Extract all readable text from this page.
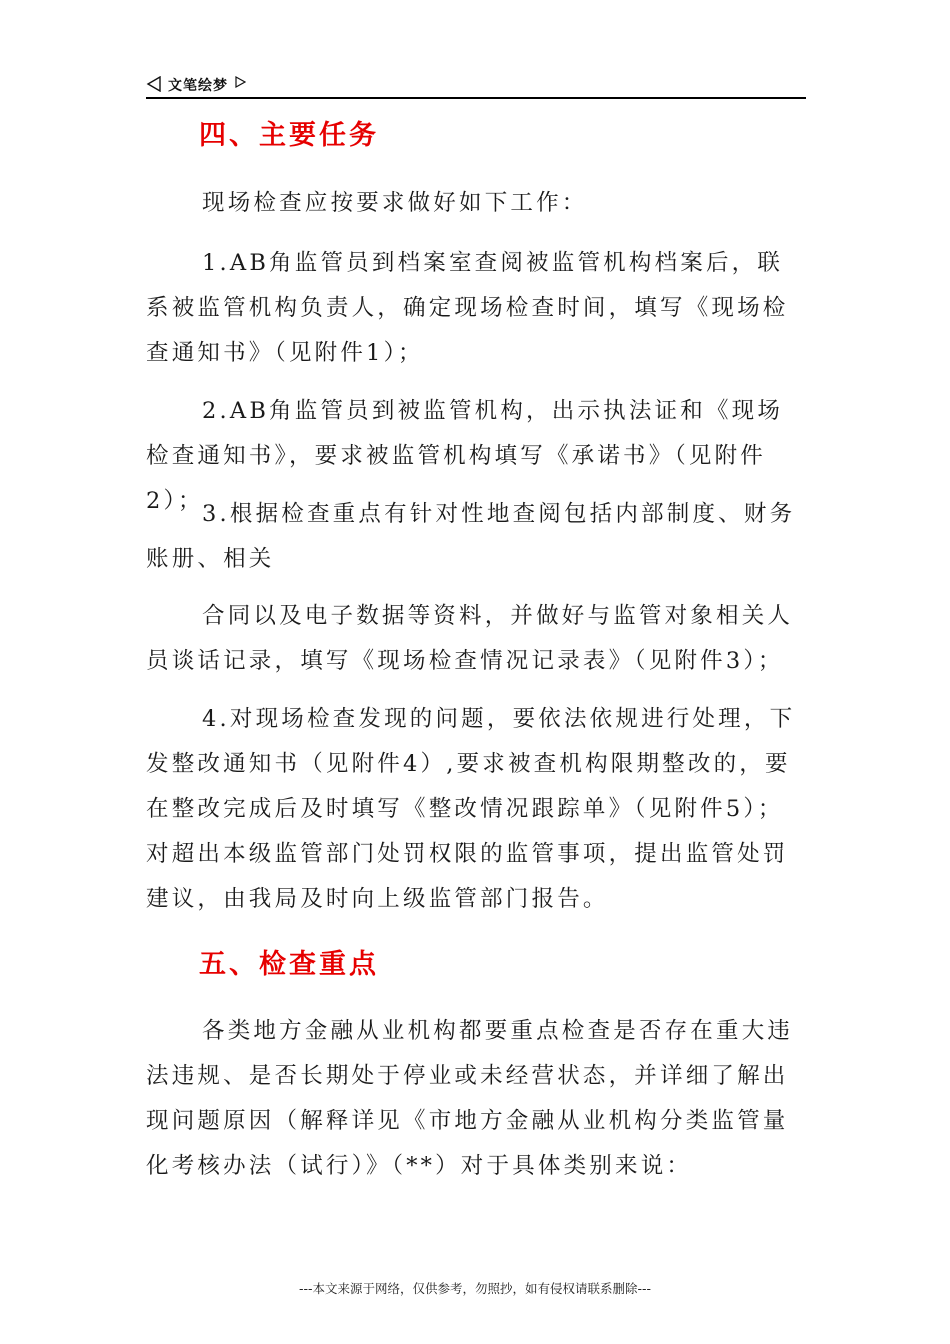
文笔绘梦
四、主要任务

现场检查应按要求做好如下工作：

1.AB角监管员到档案室查阅被监管机构档案后，联系被监管机构负责人，确定现场检查时间，填写《现场检查通知书》（见附件1）；

2.AB角监管员到被监管机构，出示执法证和《现场检查通知书》，要求被监管机构填写《承诺书》（见附件2）；

3.根据检查重点有针对性地查阅包括内部制度、财务账册、相关

合同以及电子数据等资料，并做好与监管对象相关人员谈话记录，填写《现场检查情况记录表》（见附件3）；

4.对现场检查发现的问题，要依法依规进行处理，下发整改通知书（见附件4）,要求被查机构限期整改的，要在整改完成后及时填写《整改情况跟踪单》（见附件5）；对超出本级监管部门处罚权限的监管事项，提出监管处罚建议，由我局及时向上级监管部门报告。

五、检查重点

各类地方金融从业机构都要重点检查是否存在重大违法违规、是否长期处于停业或未经营状态，并详细了解出现问题原因（解释详见《市地方金融从业机构分类监管量化考核办法（试行）》（**）对于具体类别来说：

---本文来源于网络，仅供参考，勿照抄，如有侵权请联系删除---
